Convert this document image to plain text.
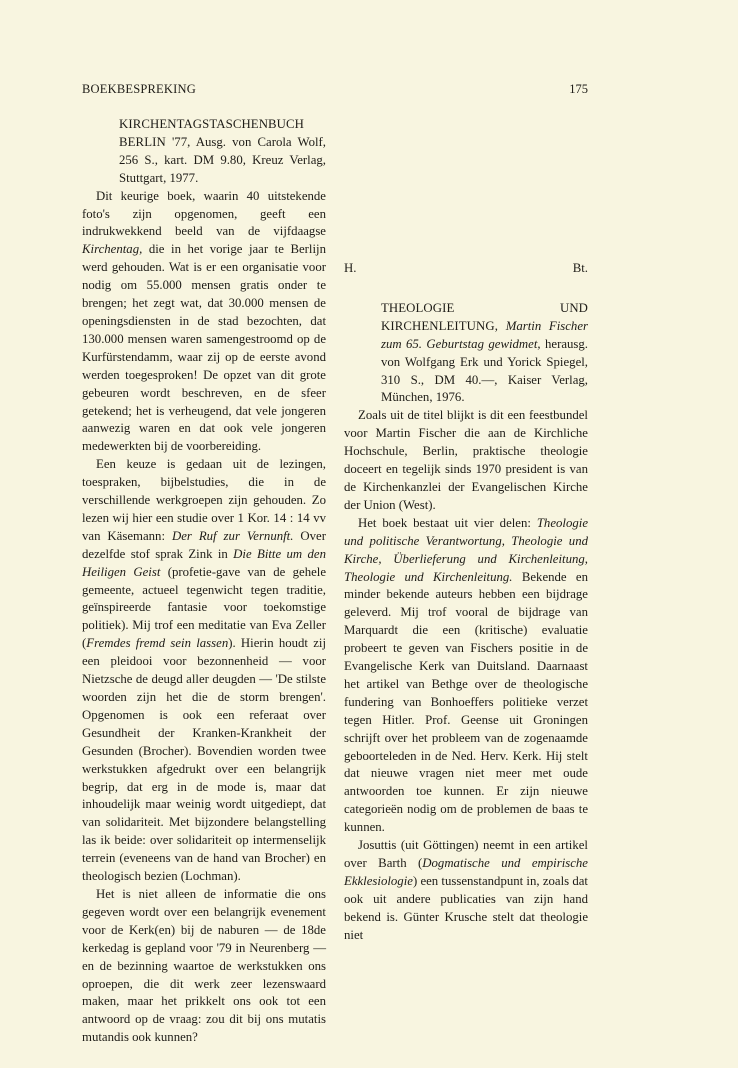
BOEKBESPREKING	175

KIRCHENTAGSTASCHENBUCH BERLIN '77, Ausg. von Carola Wolf, 256 S., kart. DM 9.80, Kreuz Verlag, Stuttgart, 1977.

Dit keurige boek, waarin 40 uitstekende foto's zijn opgenomen, geeft een indrukwekkend beeld van de vijfdaagse Kirchentag, die in het vorige jaar te Berlijn werd gehouden. Wat is er een organisatie voor nodig om 55.000 mensen gratis onder te brengen; het zegt wat, dat 30.000 mensen de openingsdiensten in de stad bezochten, dat 130.000 mensen waren samengestroomd op de Kurfürstendamm, waar zij op de eerste avond werden toegesproken! De opzet van dit grote gebeuren wordt beschreven, en de sfeer getekend; het is verheugend, dat vele jongeren aanwezig waren en dat ook vele jongeren medewerkten bij de voorbereiding.

Een keuze is gedaan uit de lezingen, toespraken, bijbelstudies, die in de verschillende werkgroepen zijn gehouden. Zo lezen wij hier een studie over 1 Kor. 14 : 14 vv van Käsemann: Der Ruf zur Vernunft. Over dezelfde stof sprak Zink in Die Bitte um den Heiligen Geist (profetie-gave van de gehele gemeente, actueel tegenwicht tegen traditie, geïnspireerde fantasie voor toekomstige politiek). Mij trof een meditatie van Eva Zeller (Fremdes fremd sein lassen). Hierin houdt zij een pleidooi voor bezonnenheid — voor Nietzsche de deugd aller deugden — 'De stilste woorden zijn het die de storm brengen'. Opgenomen is ook een referaat over Gesundheit der Kranken-Krankheit der Gesunden (Brocher). Bovendien worden twee werkstukken afgedrukt over een belangrijk begrip, dat erg in de mode is, maar dat inhoudelijk maar weinig wordt uitgediept, dat van solidariteit. Met bijzondere belangstelling las ik beide: over solidariteit op intermenselijk terrein (eveneens van de hand van Brocher) en theologisch bezien (Lochman).

Het is niet alleen de informatie die ons gegeven wordt over een belangrijk evenement voor de Kerk(en) bij de naburen — de 18de kerkedag is gepland voor '79 in Neurenberg — en de bezinning waartoe de werkstukken ons oproepen, die dit werk zeer lezenswaard maken, maar het prikkelt ons ook tot een antwoord op de vraag: zou dit bij ons mutatis mutandis ook kunnen?

H.	Bt.

THEOLOGIE UND KIRCHENLEITUNG, Martin Fischer zum 65. Geburtstag gewidmet, herausg. von Wolfgang Erk und Yorick Spiegel, 310 S., DM 40.—, Kaiser Verlag, München, 1976.

Zoals uit de titel blijkt is dit een feestbundel voor Martin Fischer die aan de Kirchliche Hochschule, Berlin, praktische theologie doceert en tegelijk sinds 1970 president is van de Kirchenkanzlei der Evangelischen Kirche der Union (West).

Het boek bestaat uit vier delen: Theologie und politische Verantwortung, Theologie und Kirche, Überlieferung und Kirchenleitung, Theologie und Kirchenleitung. Bekende en minder bekende auteurs hebben een bijdrage geleverd. Mij trof vooral de bijdrage van Marquardt die een (kritische) evaluatie probeert te geven van Fischers positie in de Evangelische Kerk van Duitsland. Daarnaast het artikel van Bethge over de theologische fundering van Bonhoeffers politieke verzet tegen Hitler. Prof. Geense uit Groningen schrijft over het probleem van de zogenaamde geboorteleden in de Ned. Herv. Kerk. Hij stelt dat nieuwe vragen niet meer met oude antwoorden toe kunnen. Er zijn nieuwe categorieën nodig om de problemen de baas te kunnen.

Josuttis (uit Göttingen) neemt in een artikel over Barth (Dogmatische und empirische Ekklesiologie) een tussenstandpunt in, zoals dat ook uit andere publicaties van zijn hand bekend is. Günter Krusche stelt dat theologie niet
